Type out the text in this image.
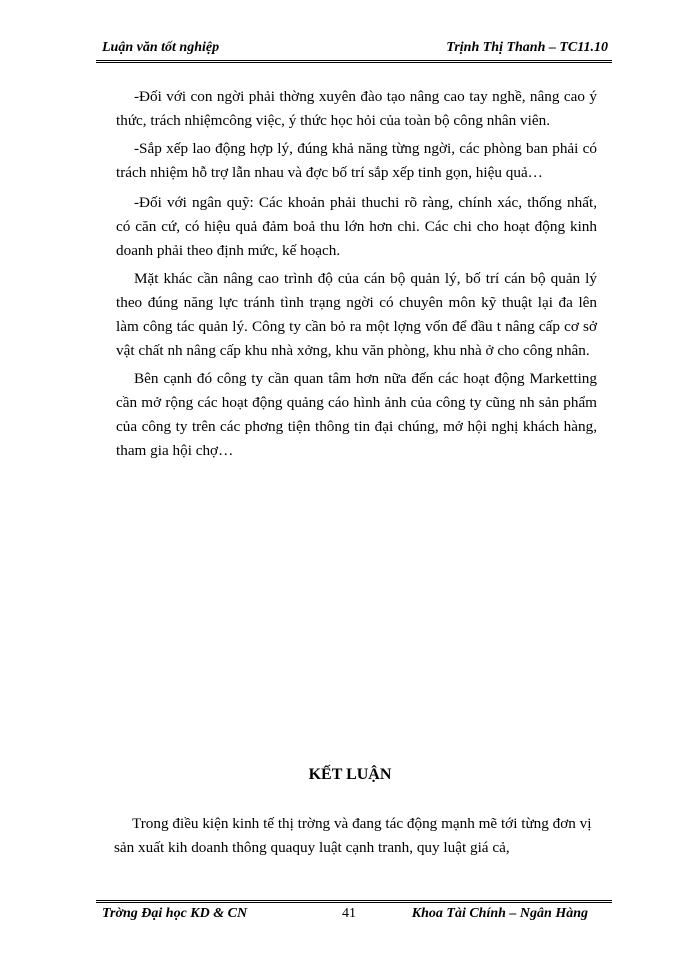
Luận văn tốt nghiệp	Trịnh Thị Thanh – TC11.10

-Đối với con ngời phải thờng xuyên đào tạo nâng cao tay nghề, nâng cao ý thức, trách nhiệmcông việc, ý thức học hỏi của toàn bộ công nhân viên.

-Sắp xếp lao động hợp lý, đúng khả năng từng ngời, các phòng ban phải có trách nhiệm hỗ trợ lẫn nhau và đợc bố trí sắp xếp tinh gọn, hiệu quả…

-Đối với ngân quỹ: Các khoản phải thuchi rõ ràng, chính xác, thống nhất, có căn cứ, có hiệu quả đảm boả thu lớn hơn chi. Các chi cho hoạt động kinh doanh phải theo định mức, kế hoạch.

Mặt khác cần nâng cao trình độ của cán bộ quản lý, bố trí cán bộ quản lý theo đúng năng lực tránh tình trạng ngời có chuyên môn kỹ thuật lại đa lên làm công tác quản lý. Công ty cần bỏ ra một lợng vốn để đầu t nâng cấp cơ sở vật chất nh nâng cấp khu nhà xởng, khu văn phòng, khu nhà ở cho công nhân.

Bên cạnh đó công ty cần quan tâm hơn nữa đến các hoạt động Marketting cần mở rộng các hoạt động quảng cáo hình ảnh của công ty cũng nh sản phẩm của công ty trên các phơng tiện thông tin đại chúng, mở hội nghị khách hàng, tham gia hội chợ…

KẾT LUẬN

Trong điều kiện kinh tế thị trờng và đang tác động mạnh mẽ tới từng đơn vị sản xuất kih doanh thông quaquy luật cạnh tranh, quy luật giá cả,

Trờng Đại học KD & CN	41	Khoa Tài Chính – Ngân Hàng
